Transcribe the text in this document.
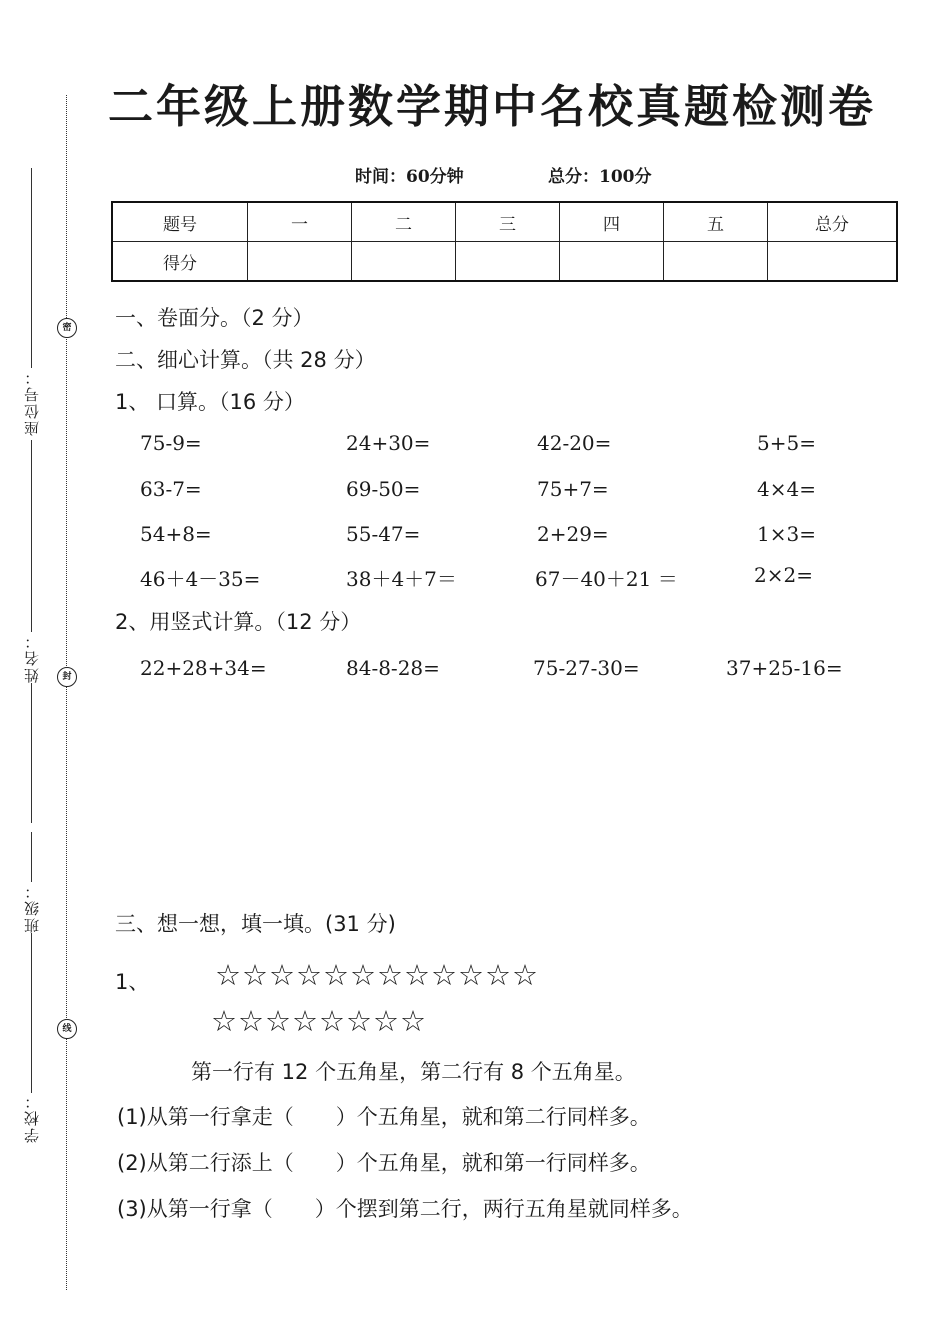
密
封
线
座位号：
姓名：
班级：
学校：
二年级上册数学期中名校真题检测卷
时间：60分钟	总分：100分
题号	一	二	三	四	五	总分
得分						
一、卷面分。（2 分）
二、细心计算。（共 28 分）
1、 口算。（16 分）
75-9=	24+30=	42-20=	5+5=
63-7=	69-50=	75+7=	4×4=
54+8=	55-47=	2+29=	1×3=
46＋4－35=	38＋4＋7＝	67－40＋21 ＝	2×2=
2、用竖式计算。（12 分）
22+28+34=	84-8-28=	75-27-30=	37+25-16=
三、想一想，填一填。(31 分)
1、 ☆☆☆☆☆☆☆☆☆☆☆☆
☆☆☆☆☆☆☆☆
第一行有 12 个五角星，第二行有 8 个五角星。
(1)从第一行拿走（　　）个五角星，就和第二行同样多。
(2)从第二行添上（　　）个五角星，就和第一行同样多。
(3)从第一行拿（　　）个摆到第二行，两行五角星就同样多。
